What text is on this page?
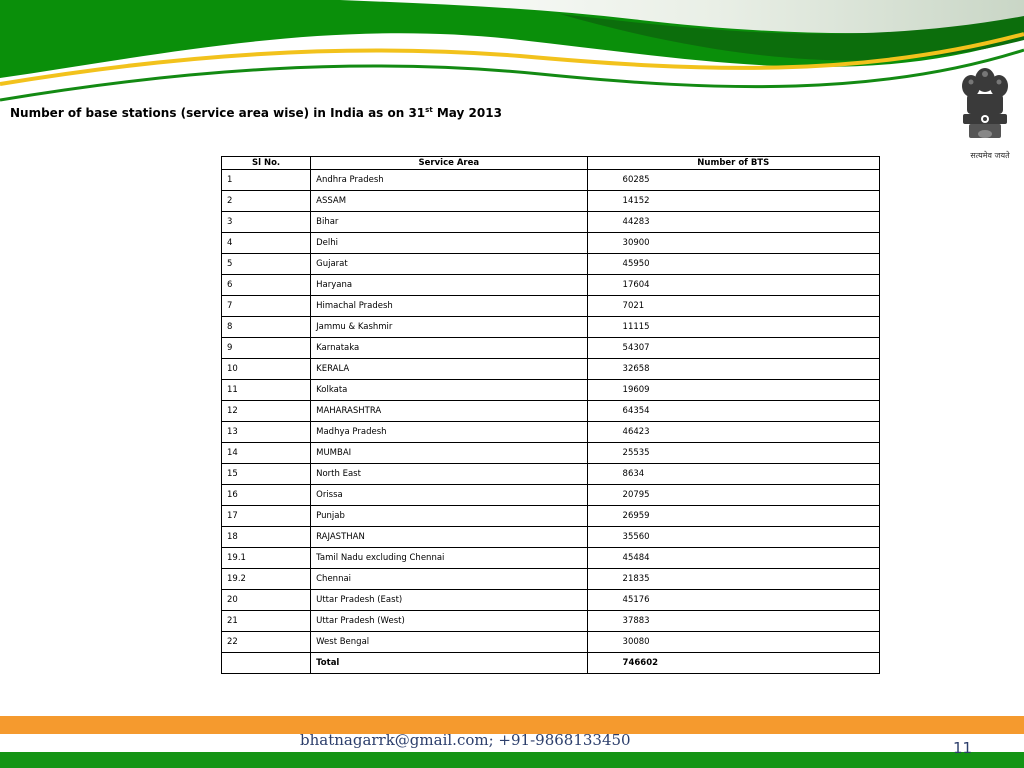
सत्यमेव जयते
Number of base stations (service area wise) in India as on 31st May 2013
Sl No.	Service Area	Number of BTS
1	Andhra Pradesh	60285
2	ASSAM	14152
3	Bihar	44283
4	Delhi	30900
5	Gujarat	45950
6	Haryana	17604
7	Himachal Pradesh	7021
8	Jammu & Kashmir	11115
9	Karnataka	54307
10	KERALA	32658
11	Kolkata	19609
12	MAHARASHTRA	64354
13	Madhya Pradesh	46423
14	MUMBAI	25535
15	North East	8634
16	Orissa	20795
17	Punjab	26959
18	RAJASTHAN	35560
19.1	Tamil Nadu excluding Chennai	45484
19.2	Chennai	21835
20	Uttar Pradesh (East)	45176
21	Uttar Pradesh (West)	37883
22	West Bengal	30080
	Total	746602
bhatnagarrk@gmail.com; +91-9868133450	11
